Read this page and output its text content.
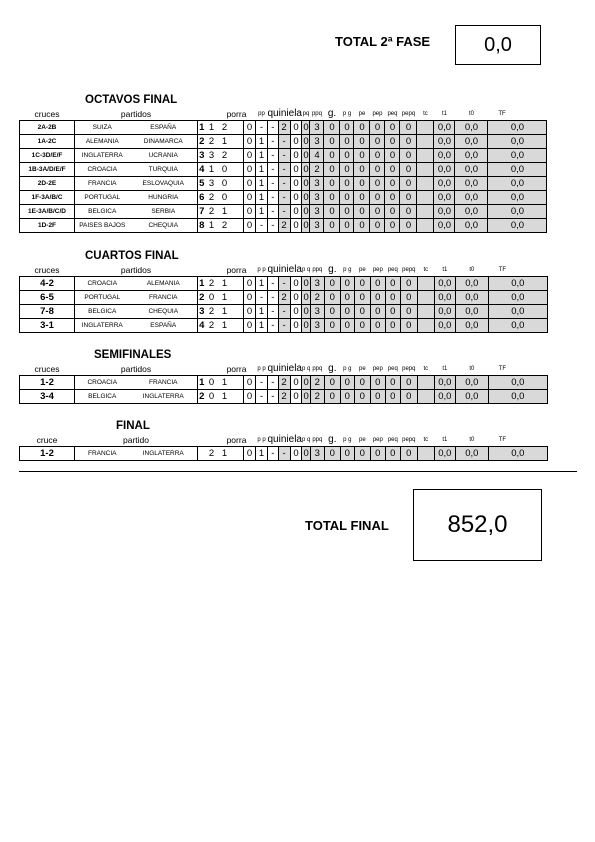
TOTAL 2ª FASE	0,0
OCTAVOS FINAL
cruces	partidos				porra			pp	quiniela			pq	ppq	g.	p g	pe	pep	peq	pepq	tc	t1	t0	TF
2A-2B	SUIZA	ESPAÑA	1	1	2		0	-	-	2	0	0	3	0	0	0	0	0	0		0,0	0,0	0,0
1A-2C	ALEMANIA	DINAMARCA	2	2	1		0	1	-	-	0	0	3	0	0	0	0	0	0		0,0	0,0	0,0
1C-3D/E/F	INGLATERRA	UCRANIA	3	3	2		0	1	-	-	0	0	4	0	0	0	0	0	0		0,0	0,0	0,0
1B-3A/D/E/F	CROACIA	TURQUIA	4	1	0		0	1	-	-	0	0	2	0	0	0	0	0	0		0,0	0,0	0,0
2D-2E	FRANCIA	ESLOVAQUIA	5	3	0		0	1	-	-	0	0	3	0	0	0	0	0	0		0,0	0,0	0,0
1F-3A/B/C	PORTUGAL	HUNGRIA	6	2	0		0	1	-	-	0	0	3	0	0	0	0	0	0		0,0	0,0	0,0
1E-3A/B/C/D	BELGICA	SERBIA	7	2	1		0	1	-	-	0	0	3	0	0	0	0	0	0		0,0	0,0	0,0
1D-2F	PAISES BAJOS	CHEQUIA	8	1	2		0	-	-	2	0	0	3	0	0	0	0	0	0		0,0	0,0	0,0
CUARTOS FINAL
cruces	partidos				porra			p p	quiniela			p q	ppq	g.	p g	pe	pep	peq	pepq	tc	t1	t0	TF
4-2	CROACIA	ALEMANIA	1	2	1		0	1	-	-	0	0	3	0	0	0	0	0	0		0,0	0,0	0,0
6-5	PORTUGAL	FRANCIA	2	0	1		0	-	-	2	0	0	2	0	0	0	0	0	0		0,0	0,0	0,0
7-8	BELGICA	CHEQUIA	3	2	1		0	1	-	-	0	0	3	0	0	0	0	0	0		0,0	0,0	0,0
3-1	INGLATERRA	ESPAÑA	4	2	1		0	1	-	-	0	0	3	0	0	0	0	0	0		0,0	0,0	0,0
SEMIFINALES
cruces	partidos				porra			p p	quiniela			p q	ppq	g.	p g	pe	pep	peq	pepq	tc	t1	t0	TF
1-2	CROACIA	FRANCIA	1	0	1		0	-	-	2	0	0	2	0	0	0	0	0	0		0,0	0,0	0,0
3-4	BELGICA	INGLATERRA	2	0	1		0	-	-	2	0	0	2	0	0	0	0	0	0		0,0	0,0	0,0
FINAL
cruce	partido				porra			p p	quiniela			p q	ppq	g.	p g	pe	pep	peq	pepq	tc	t1	t0	TF
1-2	FRANCIA	INGLATERRA		2	1		0	1	-	-	0	0	3	0	0	0	0	0	0		0,0	0,0	0,0
TOTAL FINAL	852,0
